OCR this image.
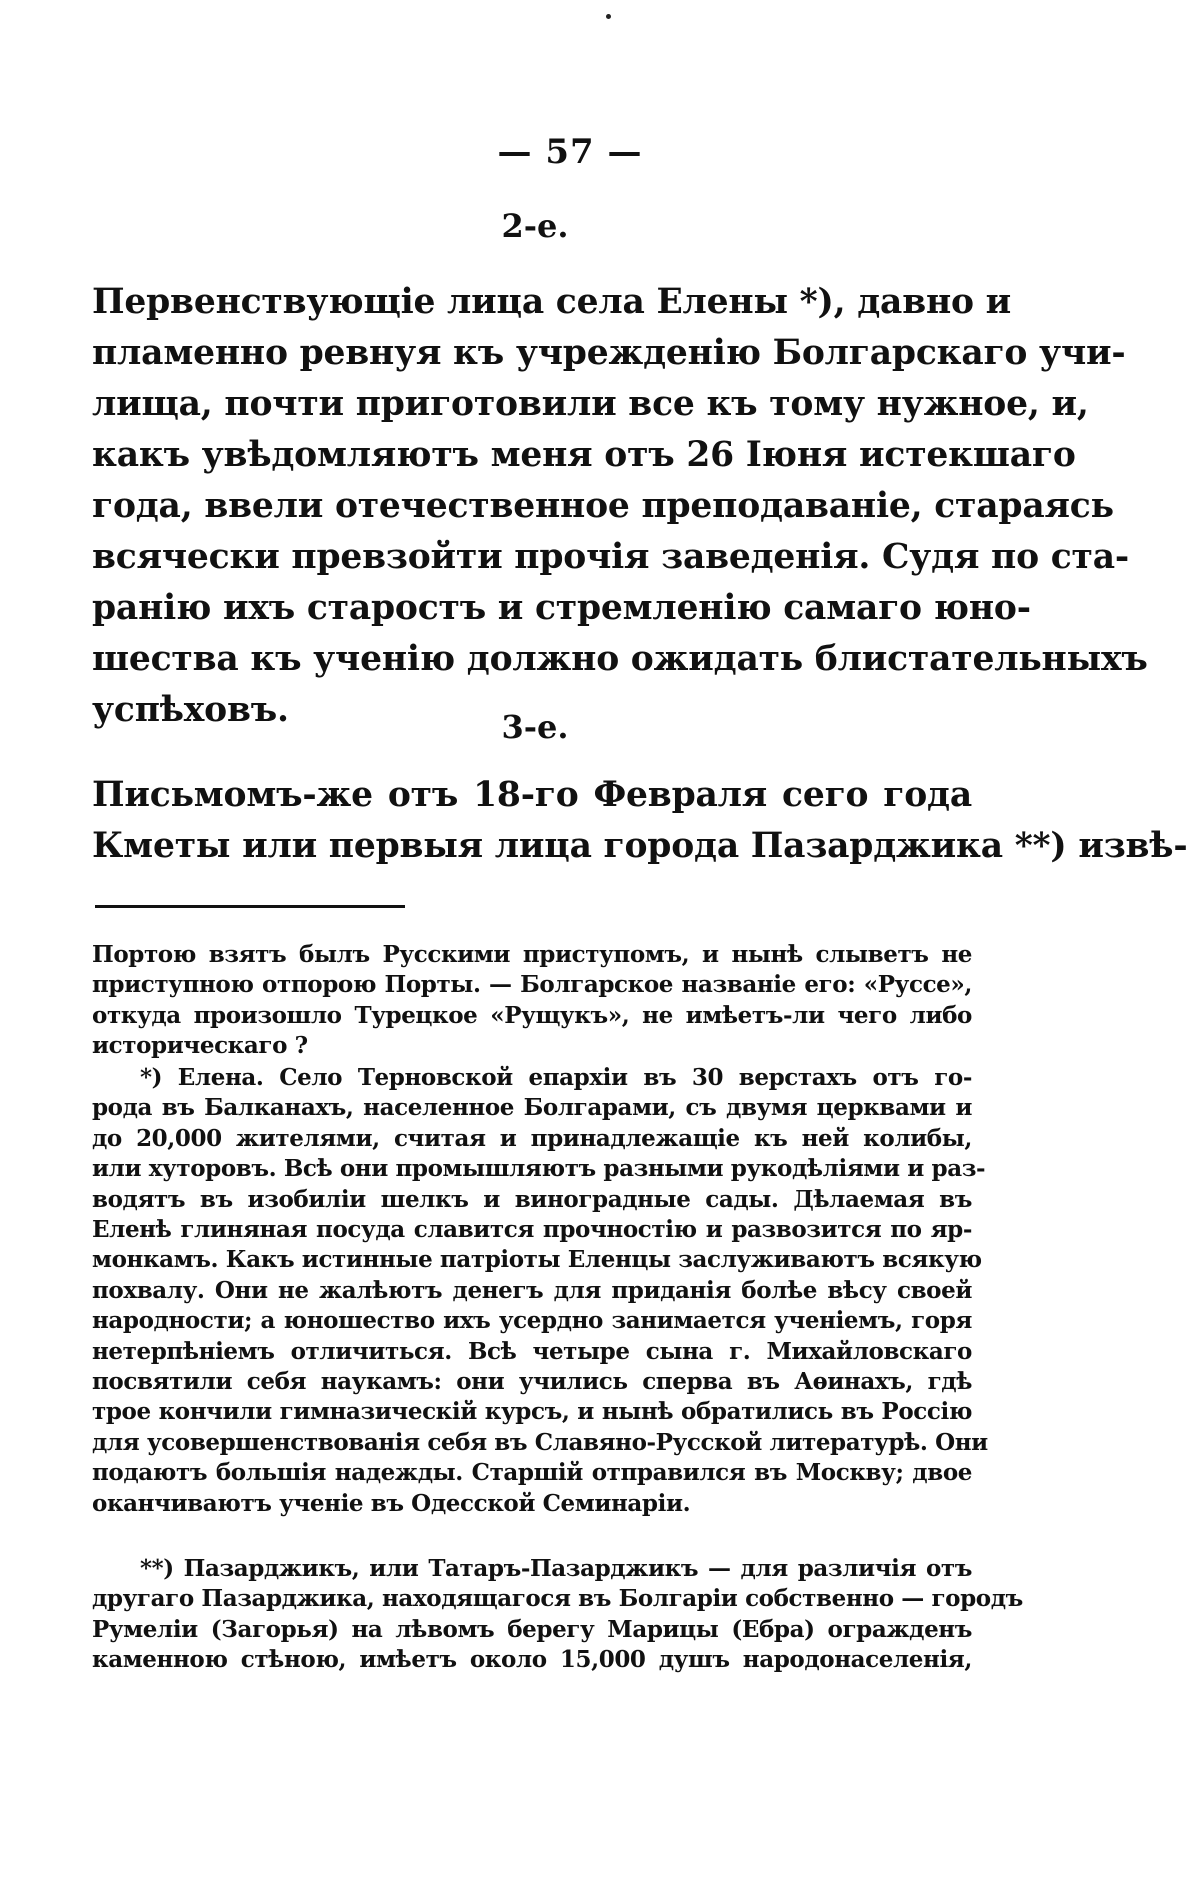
— 57 —
2-е.
Первенствующіе лица села Елены *), давно и
пламенно ревнуя къ учрежденію Болгарскаго учи-
лища, почти приготовили все къ тому нужное, и,
какъ увѣдомляютъ меня отъ 26 Іюня истекшаго
года, ввели отечественное преподаваніе, стараясь
всячески превзойти прочія заведенія. Судя по ста-
ранію ихъ старостъ и стремленію самаго юно-
шества къ ученію должно ожидать блистательныхъ
успѣховъ.	3-е.
Письмомъ-же отъ 18-го Февраля сего года
Кметы или первыя лица города Пазарджика **) извѣ-
Портою взятъ былъ Русскими приступомъ, и нынѣ слыветъ не
приступною отпорою Порты. — Болгарское названіе его: «Руссе»,
откуда произошло Турецкое «Рущукъ», не имѣетъ-ли чего либо
историческаго ?
*) Елена. Село Терновской епархіи въ 30 верстахъ отъ го-
рода въ Балканахъ, населенное Болгарами, съ двумя церквами и
до 20,000 жителями, считая и принадлежащіе къ ней колибы,
или хуторовъ. Всѣ они промышляютъ разными рукодѣліями и раз-
водятъ въ изобиліи шелкъ и виноградные сады. Дѣлаемая въ
Еленѣ глиняная посуда славится прочностію и развозится по яр-
монкамъ. Какъ истинные патріоты Еленцы заслуживаютъ всякую
похвалу. Они не жалѣютъ денегъ для приданія болѣе вѣсу своей
народности; а юношество ихъ усердно занимается ученіемъ, горя
нетерпѣніемъ отличиться. Всѣ четыре сына г. Михайловскаго
посвятили себя наукамъ: они учились сперва въ Аѳинахъ, гдѣ
трое кончили гимназическій курсъ, и нынѣ обратились въ Россію
для усовершенствованія себя въ Славяно-Русской литературѣ. Они
подаютъ большія надежды. Старшій отправился въ Москву; двое
оканчиваютъ ученіе въ Одесской Семинаріи.
**) Пазарджикъ, или Татаръ-Пазарджикъ — для различія отъ
другаго Пазарджика, находящагося въ Болгаріи собственно — городъ
Румеліи (Загорья) на лѣвомъ берегу Марицы (Ебра) огражденъ
каменною стѣною, имѣетъ около 15,000 душъ народонаселенія,
